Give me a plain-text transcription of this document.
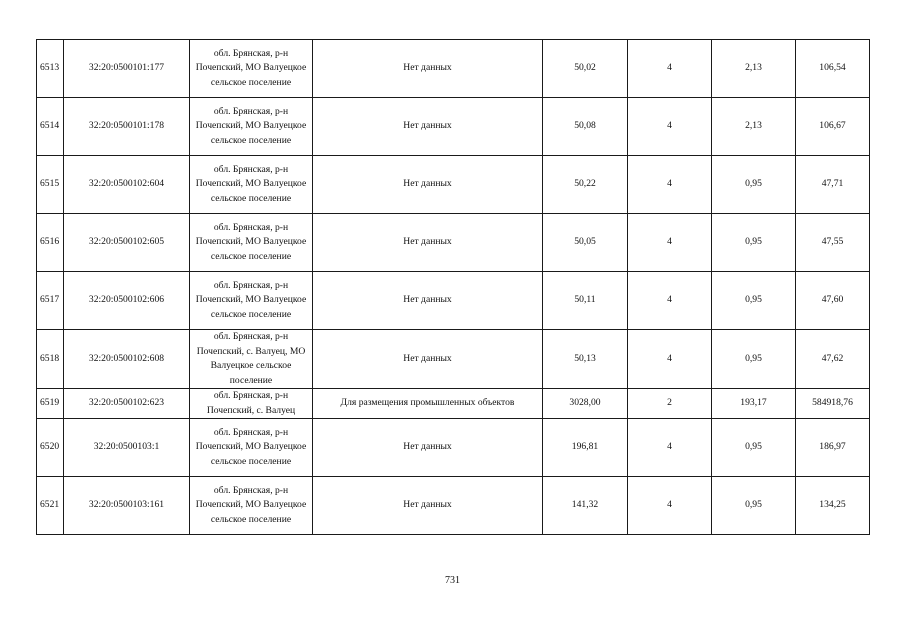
6513	32:20:0500101:177	обл. Брянская, р-н Почепский, МО Валуецкое сельское поселение	Нет данных	50,02	4	2,13	106,54
6514	32:20:0500101:178	обл. Брянская, р-н Почепский, МО Валуецкое сельское поселение	Нет данных	50,08	4	2,13	106,67
6515	32:20:0500102:604	обл. Брянская, р-н Почепский, МО Валуецкое сельское поселение	Нет данных	50,22	4	0,95	47,71
6516	32:20:0500102:605	обл. Брянская, р-н Почепский, МО Валуецкое сельское поселение	Нет данных	50,05	4	0,95	47,55
6517	32:20:0500102:606	обл. Брянская, р-н Почепский, МО Валуецкое сельское поселение	Нет данных	50,11	4	0,95	47,60
6518	32:20:0500102:608	обл. Брянская, р-н Почепский, с. Валуец, МО Валуецкое сельское поселение	Нет данных	50,13	4	0,95	47,62
6519	32:20:0500102:623	обл. Брянская, р-н Почепский, с. Валуец	Для размещения промышленных объектов	3028,00	2	193,17	584918,76
6520	32:20:0500103:1	обл. Брянская, р-н Почепский, МО Валуецкое сельское поселение	Нет данных	196,81	4	0,95	186,97
6521	32:20:0500103:161	обл. Брянская, р-н Почепский, МО Валуецкое сельское поселение	Нет данных	141,32	4	0,95	134,25
731
